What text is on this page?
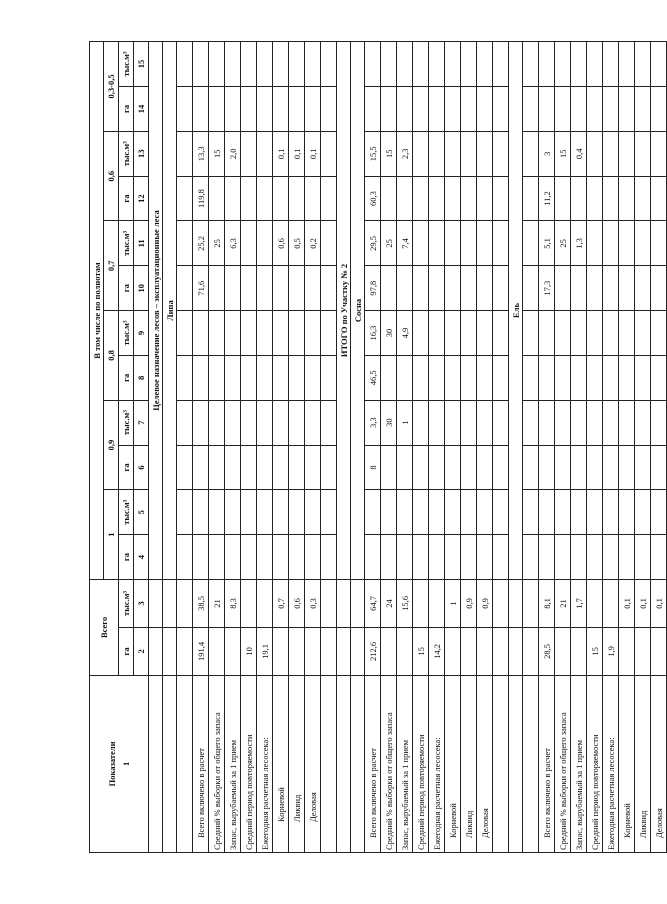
Показатели 1	Всего		В том числе по полнотам											
			1		0,9		0,8		0,7		0,6		0,3-0,5	
	га	тыс.м³	га	тыс.м³	га	тыс.м³	га	тыс.м³	га	тыс.м³	га	тыс.м³	га	тыс.м³
	2	3	4	5	6	7	8	9	10	11	12	13	14	15
			Целевое назначение лесов – эксплуатационные леса											
			Липа											

Всего включено в расчет	191,4	38,5							71,6	25,2	119,8	13,3		
Средний % выборки от общего запаса		21								25		15		
Запас, вырубаемый за 1 прием		8,3								6,3		2,0		
Средний период повторяемости	10													
Ежегодная расчетная лесосека:	19,1													
Корневой		0,7								0,6		0,1		
Ликвид		0,6								0,5		0,1		
Деловая		0,3								0,2		0,1		

			ИТОГО по Участку № 2											
			Сосна											
Всего включено в расчет	212,6	64,7			8	3,3	46,5	16,3	97,8	29,5	60,3	15,5		
Средний % выборки от общего запаса		24				30		30		25		15		
Запас, вырубаемый за 1 прием		15,6				1		4,9		7,4		2,3		
Средний период повторяемости	15													
Ежегодная расчетная лесосека:	14,2													
Корневой		1												
Ликвид		0,9												
Деловая		0,9												

			Ель											

Всего включено в расчет	28,5	8,1							17,3	5,1	11,2	3		
Средний % выборки от общего запаса		21								25		15		
Запас, вырубаемый за 1 прием		1,7								1,3		0,4		
Средний период повторяемости	15													
Ежегодная расчетная лесосека:	1,9													
Корневой		0,1												
Ликвид		0,1												
Деловая		0,1												
